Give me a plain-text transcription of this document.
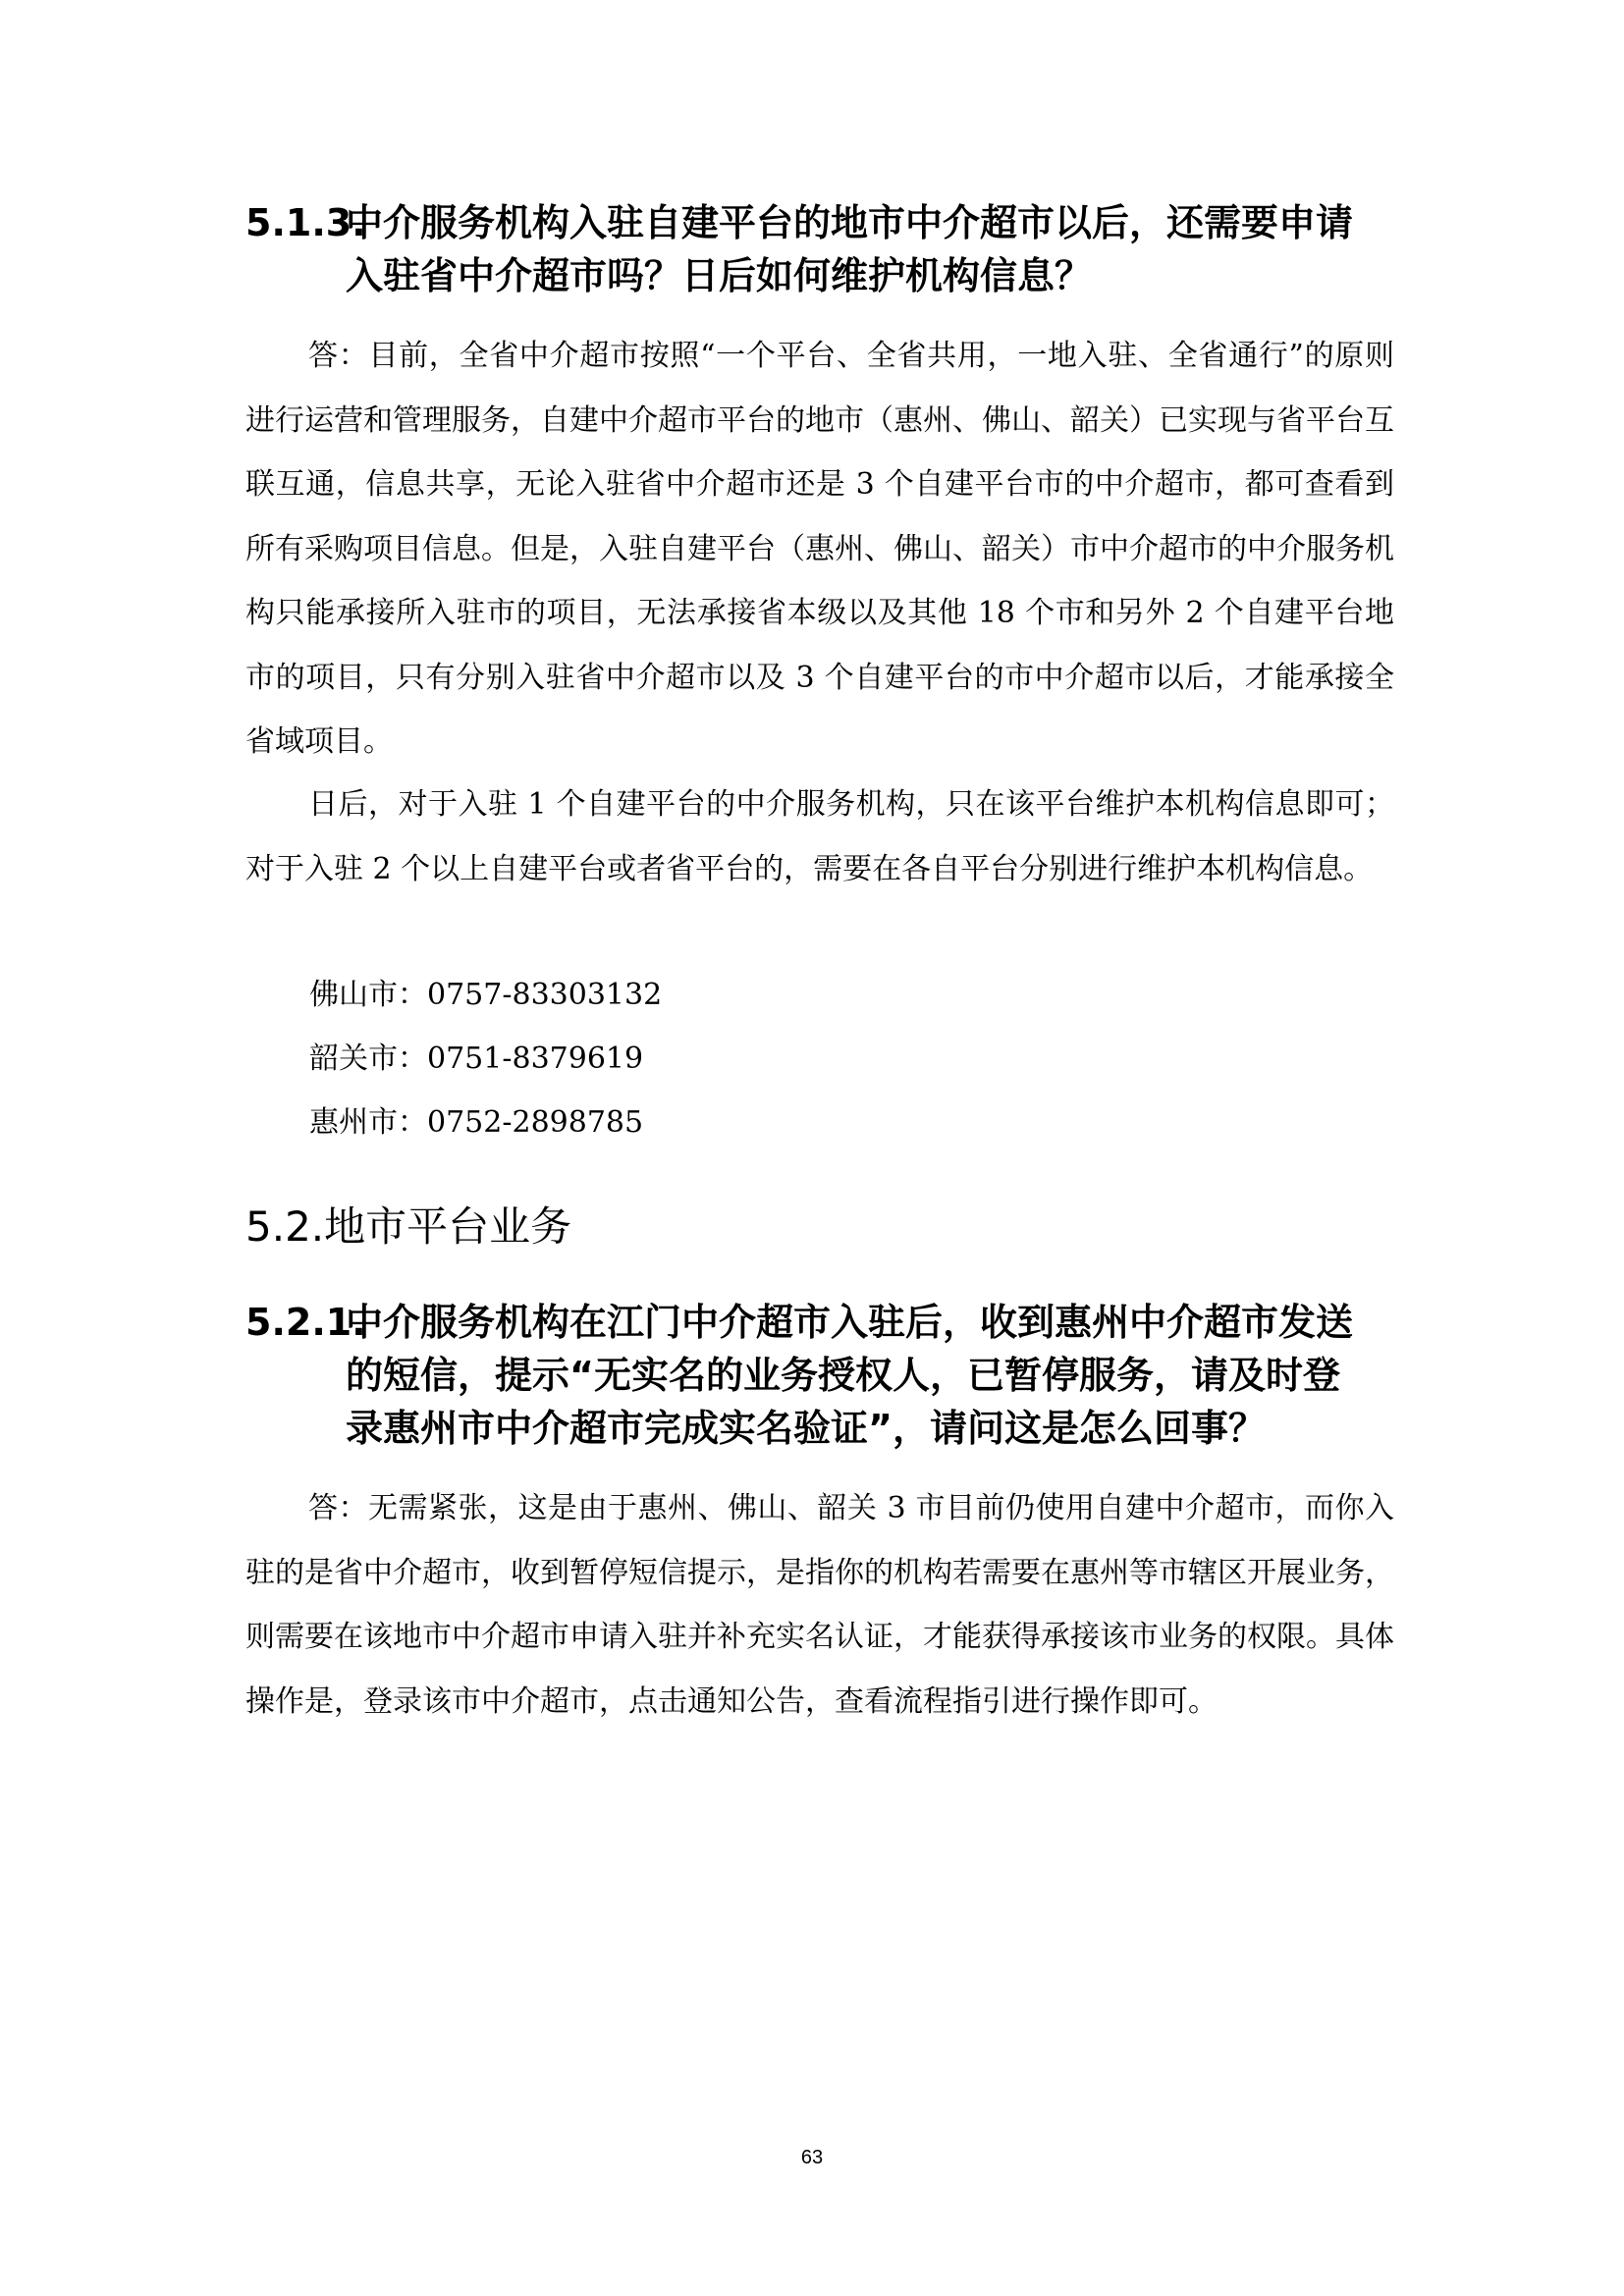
5.1.3.
中介服务机构入驻自建平台的地市中介超市以后，还需要申请
入驻省中介超市吗？日后如何维护机构信息？

答：目前，全省中介超市按照“一个平台、全省共用，一地入驻、全省通行”的原则进行运营和管理服务，自建中介超市平台的地市（惠州、佛山、韶关）已实现与省平台互联互通，信息共享，无论入驻省中介超市还是 3 个自建平台市的中介超市，都可查看到所有采购项目信息。但是，入驻自建平台（惠州、佛山、韶关）市中介超市的中介服务机构只能承接所入驻市的项目，无法承接省本级以及其他 18 个市和另外 2 个自建平台地市的项目，只有分别入驻省中介超市以及 3 个自建平台的市中介超市以后，才能承接全省域项目。

日后，对于入驻 1 个自建平台的中介服务机构，只在该平台维护本机构信息即可；对于入驻 2 个以上自建平台或者省平台的，需要在各自平台分别进行维护本机构信息。

佛山市：0757-83303132

韶关市：0751-8379619

惠州市：0752-2898785

5.2.地市平台业务
5.2.1.
中介服务机构在江门中介超市入驻后，收到惠州中介超市发送
的短信，提示“无实名的业务授权人，已暂停服务，请及时登
录惠州市中介超市完成实名验证”，请问这是怎么回事？

答：无需紧张，这是由于惠州、佛山、韶关 3 市目前仍使用自建中介超市，而你入驻的是省中介超市，收到暂停短信提示，是指你的机构若需要在惠州等市辖区开展业务，则需要在该地市中介超市申请入驻并补充实名认证，才能获得承接该市业务的权限。具体操作是，登录该市中介超市，点击通知公告，查看流程指引进行操作即可。

63
